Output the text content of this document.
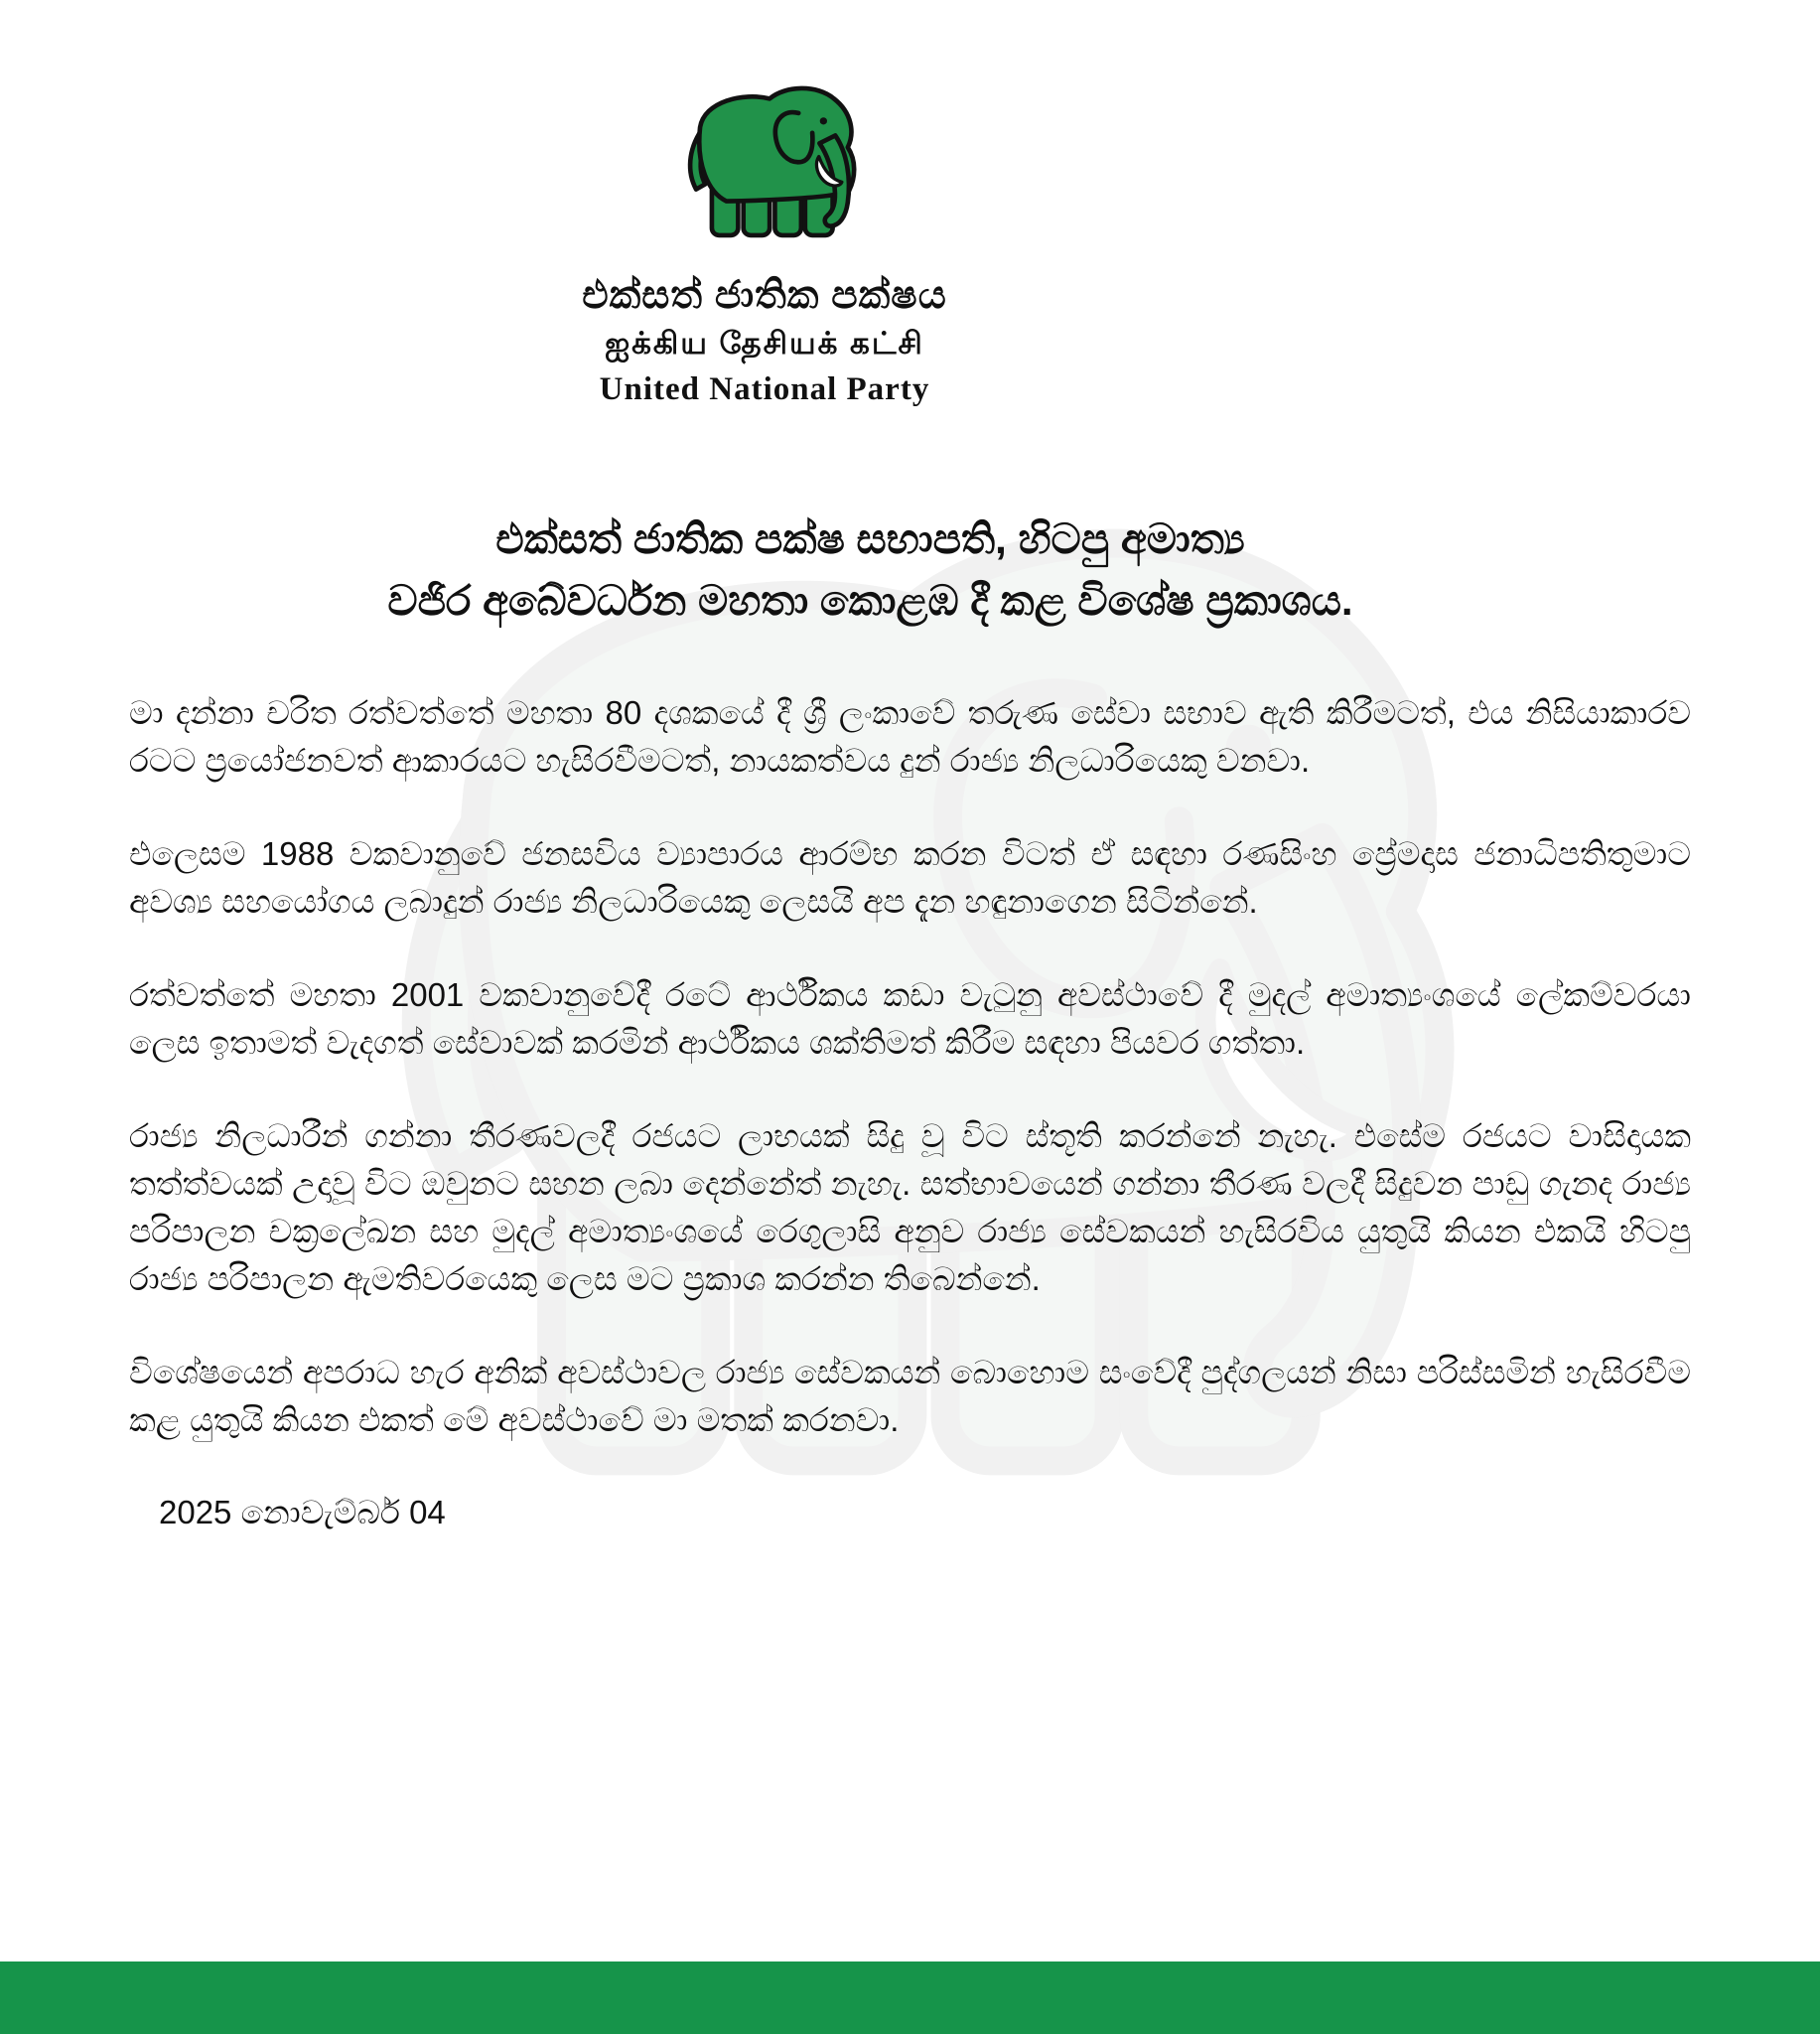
එක්සත් ජාතික පක්ෂය
ஐக்கிய தேசியக் கட்சி
United National Party
එක්සත් ජාතික පක්ෂ සභාපති, හිටපු අමාත්‍ය
වජිර අබේවර්ධන මහතා කොළඹ දී කළ විශේෂ ප්‍රකාශය.

මා දන්නා චරිත රත්වත්තේ මහතා 80 දශකයේ දී ශ්‍රී ලංකාවේ තරුණ සේවා සභාව ඇති කිරීමටත්, එය නිසියාකාරව රටට ප්‍රයෝජනවත් ආකාරයට හැසිරවීමටත්, නායකත්වය දුන් රාජ්‍ය නිලධාරියෙකු වනවා.

එලෙසම 1988 වකවානුවේ ජනසවිය ව්‍යාපාරය ආරම්භ කරන විටත් ඒ සඳහා රණසිංහ ප්‍රේමදාස ජනාධිපතිතුමාට අවශ්‍ය සහයෝගය ලබාදුන් රාජ්‍ය නිලධාරියෙකු ලෙසයි අප දැන හඳුනාගෙන සිටින්නේ.

රත්වත්තේ මහතා 2001 වකවානුවේදී රටේ ආර්ථිකය කඩා වැටුනු අවස්ථාවේ දී මුදල් අමාත්‍යංශයේ ලේකම්වරයා ලෙස ඉතාමත් වැදගත් සේවාවක් කරමින් ආර්ථිකය ශක්තිමත් කිරීම සඳහා පියවර ගත්තා.

රාජ්‍ය නිලධාරීන් ගන්නා තීරණවලදී රජයට ලාභයක් සිදු වූ විට ස්තූති කරන්නේ නැහැ. එසේම රජයට වාසිදායක තත්ත්වයක් උදාවූ විට ඔවුනට සහන ලබා දෙන්නේත් නැහැ. සත්භාවයෙන් ගන්නා තීරණ වලදී සිදුවන පාඩු ගැනද රාජ්‍ය පරිපාලන චක්‍රලේඛන සහ මුදල් අමාත්‍යංශයේ රෙගුලාසි අනුව රාජ්‍ය සේවකයන් හැසිරවිය යුතුයි කියන එකයි හිටපු රාජ්‍ය පරිපාලන ඇමතිවරයෙකු ලෙස මට ප්‍රකාශ කරන්න තිබෙන්නේ.

විශේෂයෙන් අපරාධ හැර අනික් අවස්ථාවල රාජ්‍ය සේවකයන් බොහොම සංවේදී පුද්ගලයන් නිසා පරිස්සමින් හැසිරවීම කළ යුතුයි කියන එකත් මේ අවස්ථාවේ මා මතක් කරනවා.

2025 නොවැම්බර් 04
